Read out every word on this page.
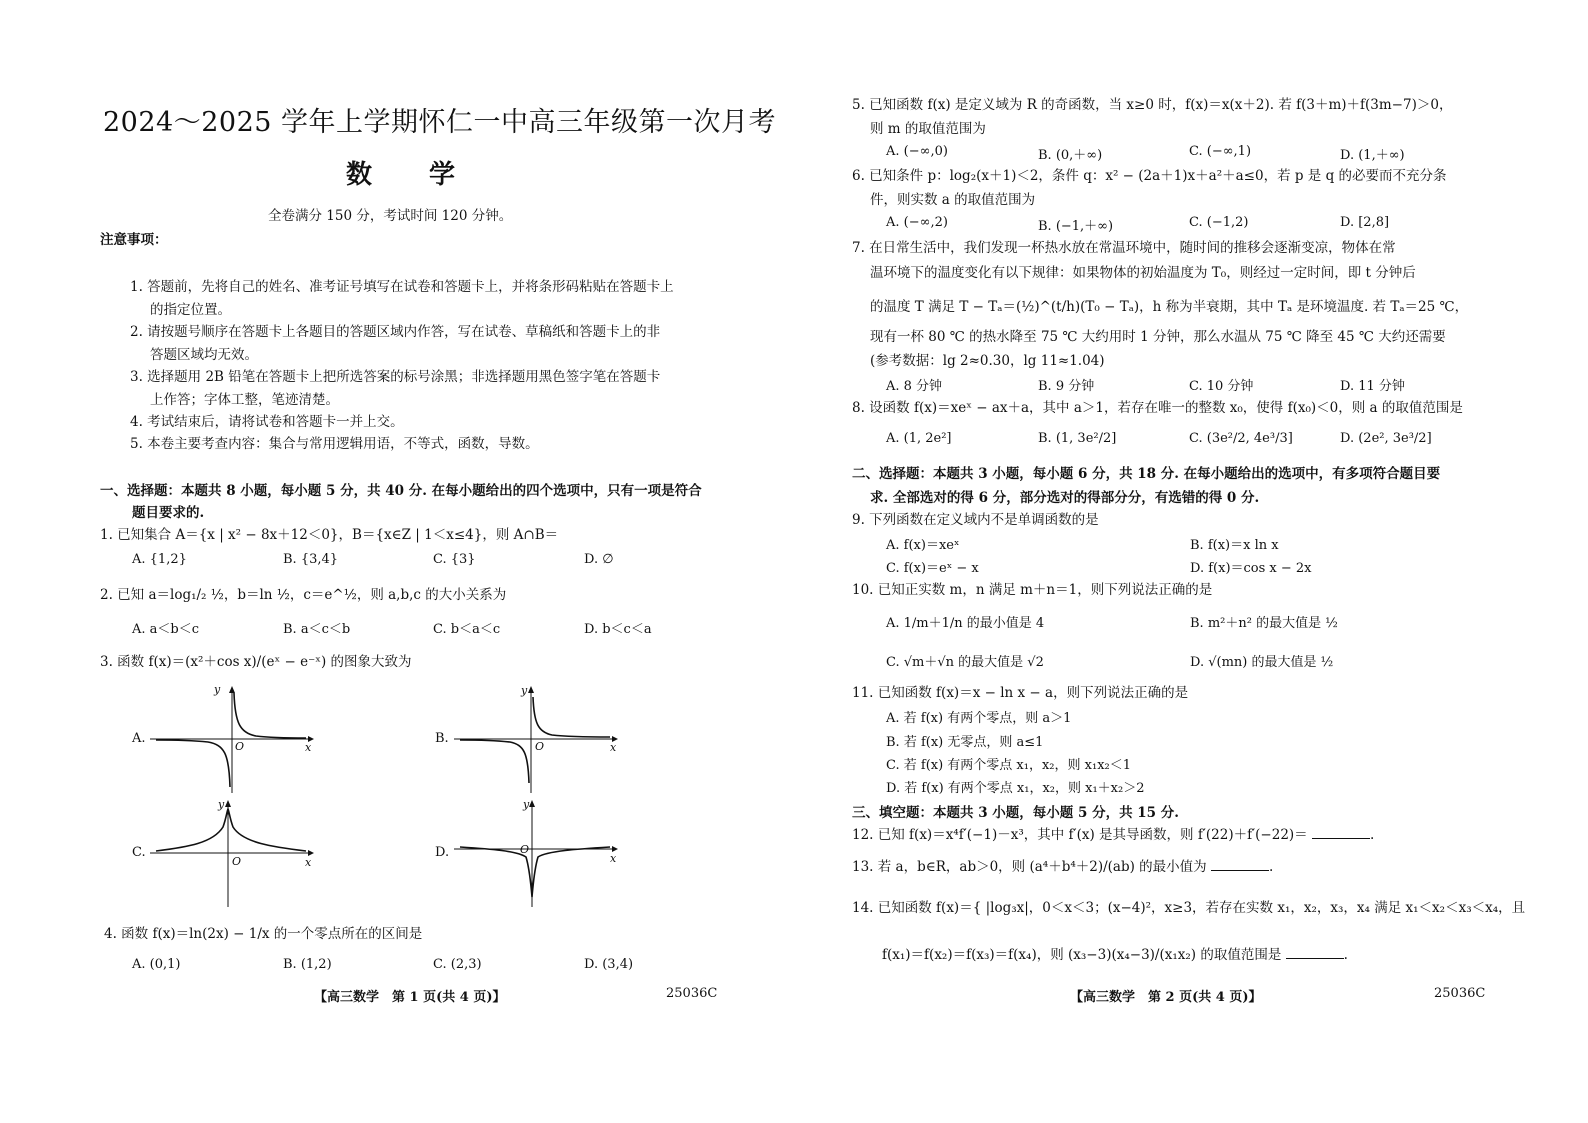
2024～2025 学年上学期怀仁一中高三年级第一次月考
数 学
全卷满分 150 分，考试时间 120 分钟。
注意事项：
1. 答题前，先将自己的姓名、准考证号填写在试卷和答题卡上，并将条形码粘贴在答题卡上
的指定位置。
2. 请按题号顺序在答题卡上各题目的答题区域内作答，写在试卷、草稿纸和答题卡上的非
答题区域均无效。
3. 选择题用 2B 铅笔在答题卡上把所选答案的标号涂黑；非选择题用黑色签字笔在答题卡
上作答；字体工整，笔迹清楚。
4. 考试结束后，请将试卷和答题卡一并上交。
5. 本卷主要考查内容：集合与常用逻辑用语，不等式，函数，导数。
一、选择题：本题共 8 小题，每小题 5 分，共 40 分. 在每小题给出的四个选项中，只有一项是符合
题目要求的.
1. 已知集合 A＝{x | x² − 8x＋12＜0}，B＝{x∈Z | 1＜x≤4}，则 A∩B＝
A. {1,2}	B. {3,4}	C. {3}	D. ∅
2. 已知 a＝log₁/₂ ½，b＝ln ½，c＝e^½，则 a,b,c 的大小关系为
A. a＜b＜c	B. a＜c＜b	C. b＜a＜c	D. b＜c＜a
3. 函数 f(x)＝(x²＋cos x)/(eˣ − e⁻ˣ) 的图象大致为
A.
y
x
O
B.
y
x
O
C.
y
x
O
D.
y
x
O
4. 函数 f(x)＝ln(2x) − 1/x 的一个零点所在的区间是
A. (0,1)	B. (1,2)	C. (2,3)	D. (3,4)
【高三数学　第 1 页(共 4 页)】	25036C
5. 已知函数 f(x) 是定义域为 R 的奇函数，当 x≥0 时，f(x)＝x(x＋2). 若 f(3＋m)＋f(3m−7)＞0，
则 m 的取值范围为
A. (−∞,0)	B. (0,＋∞)	C. (−∞,1)	D. (1,＋∞)
6. 已知条件 p：log₂(x＋1)＜2，条件 q：x² − (2a＋1)x＋a²＋a≤0，若 p 是 q 的必要而不充分条
件，则实数 a 的取值范围为
A. (−∞,2)	B. (−1,＋∞)	C. (−1,2)	D. [2,8]
7. 在日常生活中，我们发现一杯热水放在常温环境中，随时间的推移会逐渐变凉，物体在常
温环境下的温度变化有以下规律：如果物体的初始温度为 T₀，则经过一定时间，即 t 分钟后
的温度 T 满足 T − Tₐ＝(½)^(t/h)(T₀ − Tₐ)，h 称为半衰期，其中 Tₐ 是环境温度. 若 Tₐ＝25 ℃，
现有一杯 80 ℃ 的热水降至 75 ℃ 大约用时 1 分钟，那么水温从 75 ℃ 降至 45 ℃ 大约还需要
(参考数据：lg 2≈0.30，lg 11≈1.04)
A. 8 分钟	B. 9 分钟	C. 10 分钟	D. 11 分钟
8. 设函数 f(x)＝xeˣ − ax＋a，其中 a＞1，若存在唯一的整数 x₀，使得 f(x₀)＜0，则 a 的取值范围是
A. (1, 2e²]	B. (1, 3e²/2]	C. (3e²/2, 4e³/3]	D. (2e², 3e³/2]
二、选择题：本题共 3 小题，每小题 6 分，共 18 分. 在每小题给出的选项中，有多项符合题目要
求. 全部选对的得 6 分，部分选对的得部分分，有选错的得 0 分.
9. 下列函数在定义域内不是单调函数的是
A. f(x)＝xeˣ	B. f(x)＝x ln x
C. f(x)＝eˣ − x	D. f(x)＝cos x − 2x
10. 已知正实数 m，n 满足 m＋n＝1，则下列说法正确的是
A. 1/m＋1/n 的最小值是 4	B. m²＋n² 的最大值是 ½
C. √m＋√n 的最大值是 √2	D. √(mn) 的最大值是 ½
11. 已知函数 f(x)＝x − ln x − a，则下列说法正确的是
A. 若 f(x) 有两个零点，则 a＞1
B. 若 f(x) 无零点，则 a≤1
C. 若 f(x) 有两个零点 x₁，x₂，则 x₁x₂＜1
D. 若 f(x) 有两个零点 x₁，x₂，则 x₁＋x₂＞2
三、填空题：本题共 3 小题，每小题 5 分，共 15 分.
12. 已知 f(x)＝x⁴f′(−1)－x³，其中 f′(x) 是其导函数，则 f′(22)＋f′(−22)＝	.
13. 若 a，b∈R，ab＞0，则 (a⁴＋b⁴＋2)/(ab) 的最小值为	.
14. 已知函数 f(x)＝{ |log₃x|，0＜x＜3；(x−4)²，x≥3，若存在实数 x₁，x₂，x₃，x₄ 满足 x₁＜x₂＜x₃＜x₄，且
f(x₁)＝f(x₂)＝f(x₃)＝f(x₄)，则 (x₃−3)(x₄−3)/(x₁x₂) 的取值范围是	.
【高三数学　第 2 页(共 4 页)】	25036C
